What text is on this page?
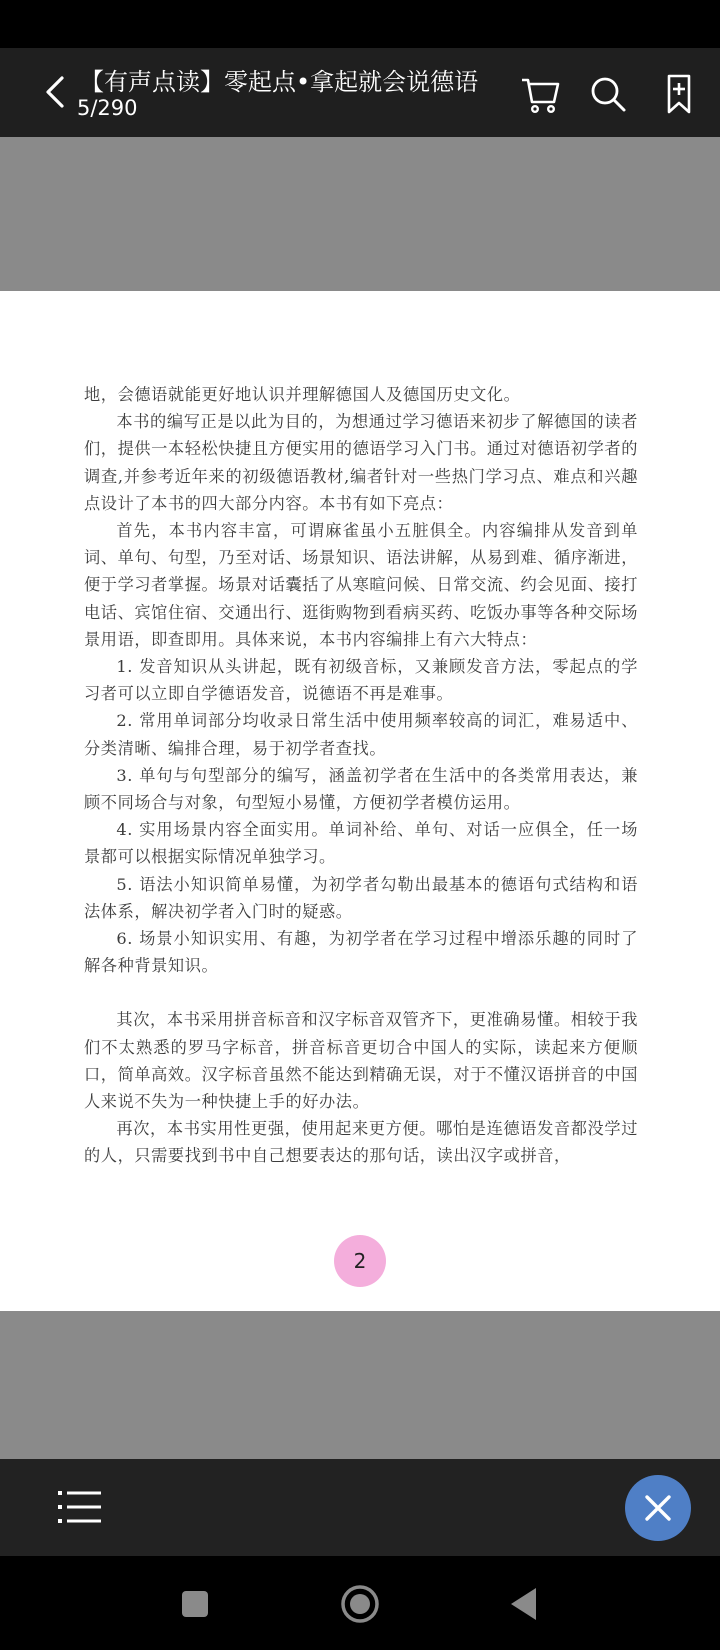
【有声点读】零起点•拿起就会说德语
5/290

地，会德语就能更好地认识并理解德国人及德国历史文化。

本书的编写正是以此为目的，为想通过学习德语来初步了解德国的读者们，提供一本轻松快捷且方便实用的德语学习入门书。通过对德语初学者的调查,并参考近年来的初级德语教材,编者针对一些热门学习点、难点和兴趣点设计了本书的四大部分内容。本书有如下亮点：

首先，本书内容丰富，可谓麻雀虽小五脏俱全。内容编排从发音到单词、单句、句型，乃至对话、场景知识、语法讲解，从易到难、循序渐进，便于学习者掌握。场景对话囊括了从寒暄问候、日常交流、约会见面、接打电话、宾馆住宿、交通出行、逛街购物到看病买药、吃饭办事等各种交际场景用语，即查即用。具体来说，本书内容编排上有六大特点：

1. 发音知识从头讲起，既有初级音标，又兼顾发音方法，零起点的学习者可以立即自学德语发音，说德语不再是难事。

2. 常用单词部分均收录日常生活中使用频率较高的词汇，难易适中、分类清晰、编排合理，易于初学者查找。

3. 单句与句型部分的编写，涵盖初学者在生活中的各类常用表达，兼顾不同场合与对象，句型短小易懂，方便初学者模仿运用。

4. 实用场景内容全面实用。单词补给、单句、对话一应俱全，任一场景都可以根据实际情况单独学习。

5. 语法小知识简单易懂，为初学者勾勒出最基本的德语句式结构和语法体系，解决初学者入门时的疑惑。

6. 场景小知识实用、有趣，为初学者在学习过程中增添乐趣的同时了解各种背景知识。

其次，本书采用拼音标音和汉字标音双管齐下，更准确易懂。相较于我们不太熟悉的罗马字标音，拼音标音更切合中国人的实际，读起来方便顺口，简单高效。汉字标音虽然不能达到精确无误，对于不懂汉语拼音的中国人来说不失为一种快捷上手的好办法。

再次，本书实用性更强，使用起来更方便。哪怕是连德语发音都没学过的人，只需要找到书中自己想要表达的那句话，读出汉字或拼音，

2
